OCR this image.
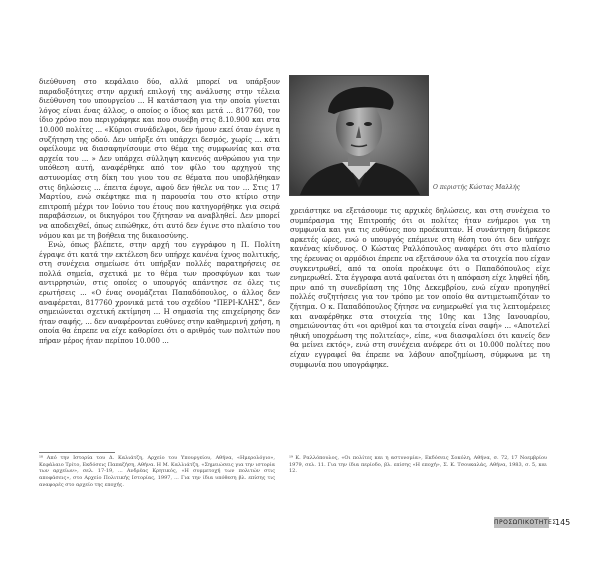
διεύθυνση στο κεφάλαιο δύο, αλλά μπορεί να υπάρξουν παραδοξότητες στην αρχική επιλογή της ανάλυσης στην τέλεια διεύθυνση του υπουργείου ... Η κατάσταση για την οποία γίνεται λόγος είναι ένας άλλος, ο οποίος ο ίδιος και μετά ... 817760, τον ίδιο χρόνο που περιγράφηκε και που συνέβη στις 8.10.900 και στα 10.000 πολίτες ... «Κύριοι συνάδελφοι, δεν ήμουν εκεί όταν έγινε η συζήτηση της οδού. Δεν υπήρξε ότι υπάρχει δεσμός, χωρίς ... κάτι οφείλουμε να διασαφηνίσουμε στο θέμα της συμφωνίας και στα αρχεία του ... » Δεν υπάρχει σύλληψη κανενός ανθρώπου για την υπόθεση αυτή, αναφέρθηκε από τον φίλο του αρχηγού της αστυνομίας στη δίκη του γιου του σε θέματα που υποβλήθηκαν στις δηλώσεις ... έπειτα έφυγε, αφού δεν ήθελε να τον ... Στις 17 Μαρτίου, ενώ σκέφτηκε πια η παρουσία του στο κτίριο στην επιτροπή μέχρι τον Ιούνιο του έτους που κατηγορήθηκε για σειρά παραβάσεων, οι δικηγόροι του ζήτησαν να αναβληθεί. Δεν μπορεί να αποδειχθεί, όπως ειπώθηκε, ότι αυτό δεν έγινε στο πλαίσιο του νόμου και με τη βοήθεια της δικαιοσύνης.

Ενώ, όπως βλέπετε, στην αρχή του εγγράφου η Π. Πολίτη έγραψε ότι κατά την εκτέλεση δεν υπήρχε κανένα ίχνος πολιτικής, στη συνέχεια σημείωσε ότι υπήρξαν πολλές παρατηρήσεις σε πολλά σημεία, σχετικά με το θέμα των προσφύγων και των αντιρρησιών, στις οποίες ο υπουργός απάντησε σε όλες τις ερωτήσεις ... «Ο ένας ονομάζεται Παπαδόπουλος, ο άλλος δεν αναφέρεται, 817760 χρονικά μετά του σχεδίου “ΠΕΡΙ-ΚΛΗΣ”, δεν σημειώνεται σχετική εκτίμηση ... Η σημασία της επιχείρησης δεν ήταν σαφής, ... δεν αναφέρονται ευθύνες στην καθημερινή χρήση, η οποία θα έπρεπε να είχε καθορίσει ότι ο αριθμός των πολιτών που πήραν μέρος ήταν περίπου 10.000 ...

Ο περιστής Κώστας Μαλλής

χρειάστηκε να εξετάσουμε τις αρχικές δηλώσεις, και στη συνέχεια το συμπέρασμα της Επιτροπής ότι οι πολίτες ήταν ενήμεροι για τη συμφωνία και για τις ευθύνες που προέκυπταν. Η συνάντηση διήρκεσε αρκετές ώρες, ενώ ο υπουργός επέμεινε στη θέση του ότι δεν υπήρχε κανένας κίνδυνος. Ο Κώστας Ραλλόπουλος αναφέρει ότι στο πλαίσιο της έρευνας οι αρμόδιοι έπρεπε να εξετάσουν όλα τα στοιχεία που είχαν συγκεντρωθεί, από τα οποία προέκυψε ότι ο Παπαδόπουλος είχε ενημερωθεί. Στα έγγραφα αυτά φαίνεται ότι η απόφαση είχε ληφθεί ήδη, πριν από τη συνεδρίαση της 10ης Δεκεμβρίου, ενώ είχαν προηγηθεί πολλές συζητήσεις για τον τρόπο με τον οποίο θα αντιμετωπιζόταν το ζήτημα. Ο κ. Παπαδόπουλος ζήτησε να ενημερωθεί για τις λεπτομέρειες και αναφέρθηκε στα στοιχεία της 10ης και 13ης Ιανουαρίου, σημειώνοντας ότι «οι αριθμοί και τα στοιχεία είναι σαφή» ... «Αποτελεί ηθική υποχρέωση της πολιτείας», είπε, «να διασφαλίσει ότι κανείς δεν θα μείνει εκτός», ενώ στη συνέχεια ανέφερε ότι οι 10.000 πολίτες που είχαν εγγραφεί θα έπρεπε να λάβουν αποζημίωση, σύμφωνα με τη συμφωνία που υπογράφηκε.

¹⁸ Από την Ιστορία του Δ. Καλιάτζη, Αρχείο του Υπουργείου, Αθήνα, «Ημερολόγιο», Κεφάλαιο Τρίτο, Εκδόσεις Παπαζήση, Αθήνα. Η Μ. Καλλιάτζη, «Σημειώσεις για την ιστορία των αρχείων», σελ. 17-19, ... Ανδρέας Κρητικός, «Η συμμετοχή των πολιτών στις αποφάσεις», στο Αρχείο Πολιτικής Ιστορίας, 1997, ... Για την ίδια υπόθεση βλ. επίσης τις αναφορές στο αρχείο της εποχής.
¹⁹ Κ. Ραλλόπουλος, «Οι πολίτες και η αστυνομία», Εκδόσεις Σοκόλη, Αθήνα, σ. 72, 17 Νοεμβρίου 1979, σελ. 11. Για την ίδια περίοδο, βλ. επίσης «Η εποχή», Σ. Κ. Τσουκαλάς, Αθήνα, 1983, σ. 5, και 12.
ΠΡΟΣΩΠΙΚΟΤΗΤΕΣ
145
